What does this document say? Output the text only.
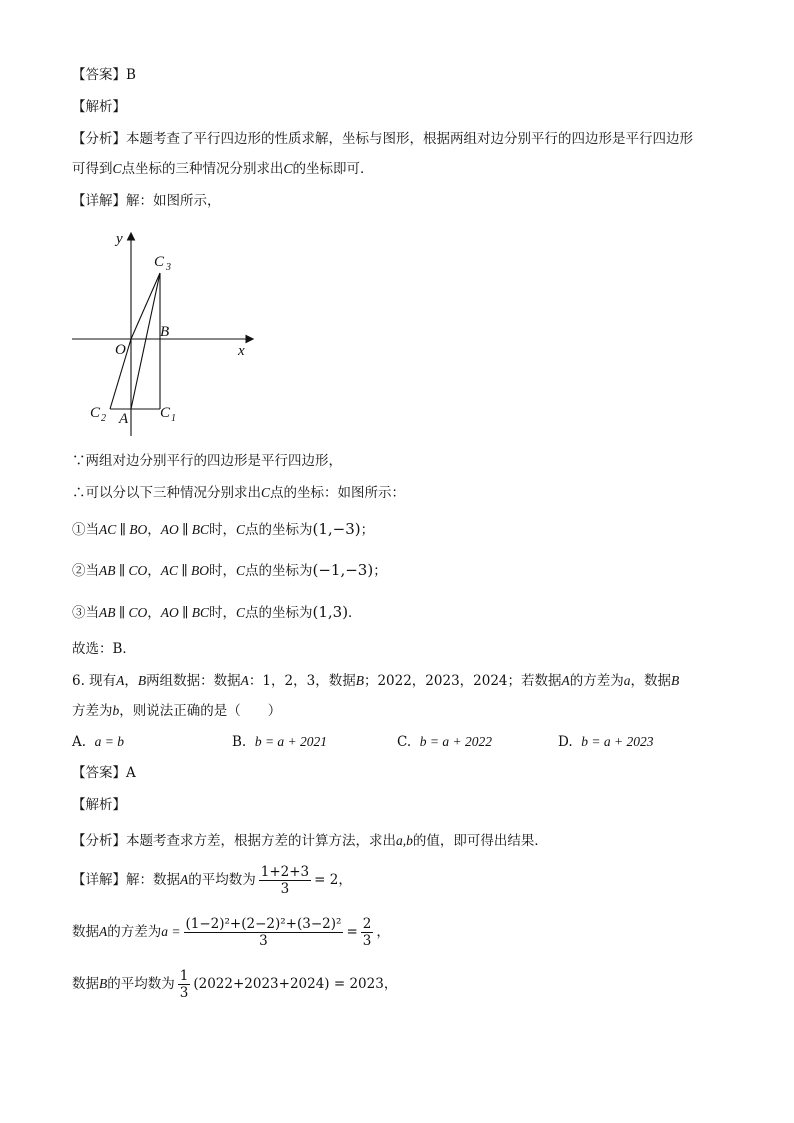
【答案】B
【解析】
【分析】本题考查了平行四边形的性质求解，坐标与图形，根据两组对边分别平行的四边形是平行四边形
可得到C点坐标的三种情况分别求出C的坐标即可．
【详解】解：如图所示，
y
x
O
B
A
C 3
C 2	C 1
∵两组对边分别平行的四边形是平行四边形，
∴可以分以下三种情况分别求出C点的坐标：如图所示：
①当AC ∥ BO，AO ∥ BC时，C点的坐标为(1,−3)；
②当AB ∥ CO，AC ∥ BO时，C点的坐标为(−1,−3)；
③当AB ∥ CO，AO ∥ BC时，C点的坐标为(1,3)．
故选：B．
6. 现有A，B两组数据：数据A：1，2，3，数据B；2022，2023，2024；若数据A的方差为a，数据B
方差为b，则说法正确的是（　　）
A. a = b	B. b = a + 2021	C. b = a + 2022	D. b = a + 2023
【答案】A
【解析】
【分析】本题考查求方差，根据方差的计算方法，求出a,b的值，即可得出结果．
【详解】解：数据A的平均数为 $\frac{1+2+3}{3} = 2$，
数据A的方差为$a = \frac{\text{(1−2)²+(2−2)²+(3−2)²}}{3} = \frac{2}{3}$ ，
数据B的平均数为 $\frac{1}{3} (2022+2023+2024) = 2023$，
